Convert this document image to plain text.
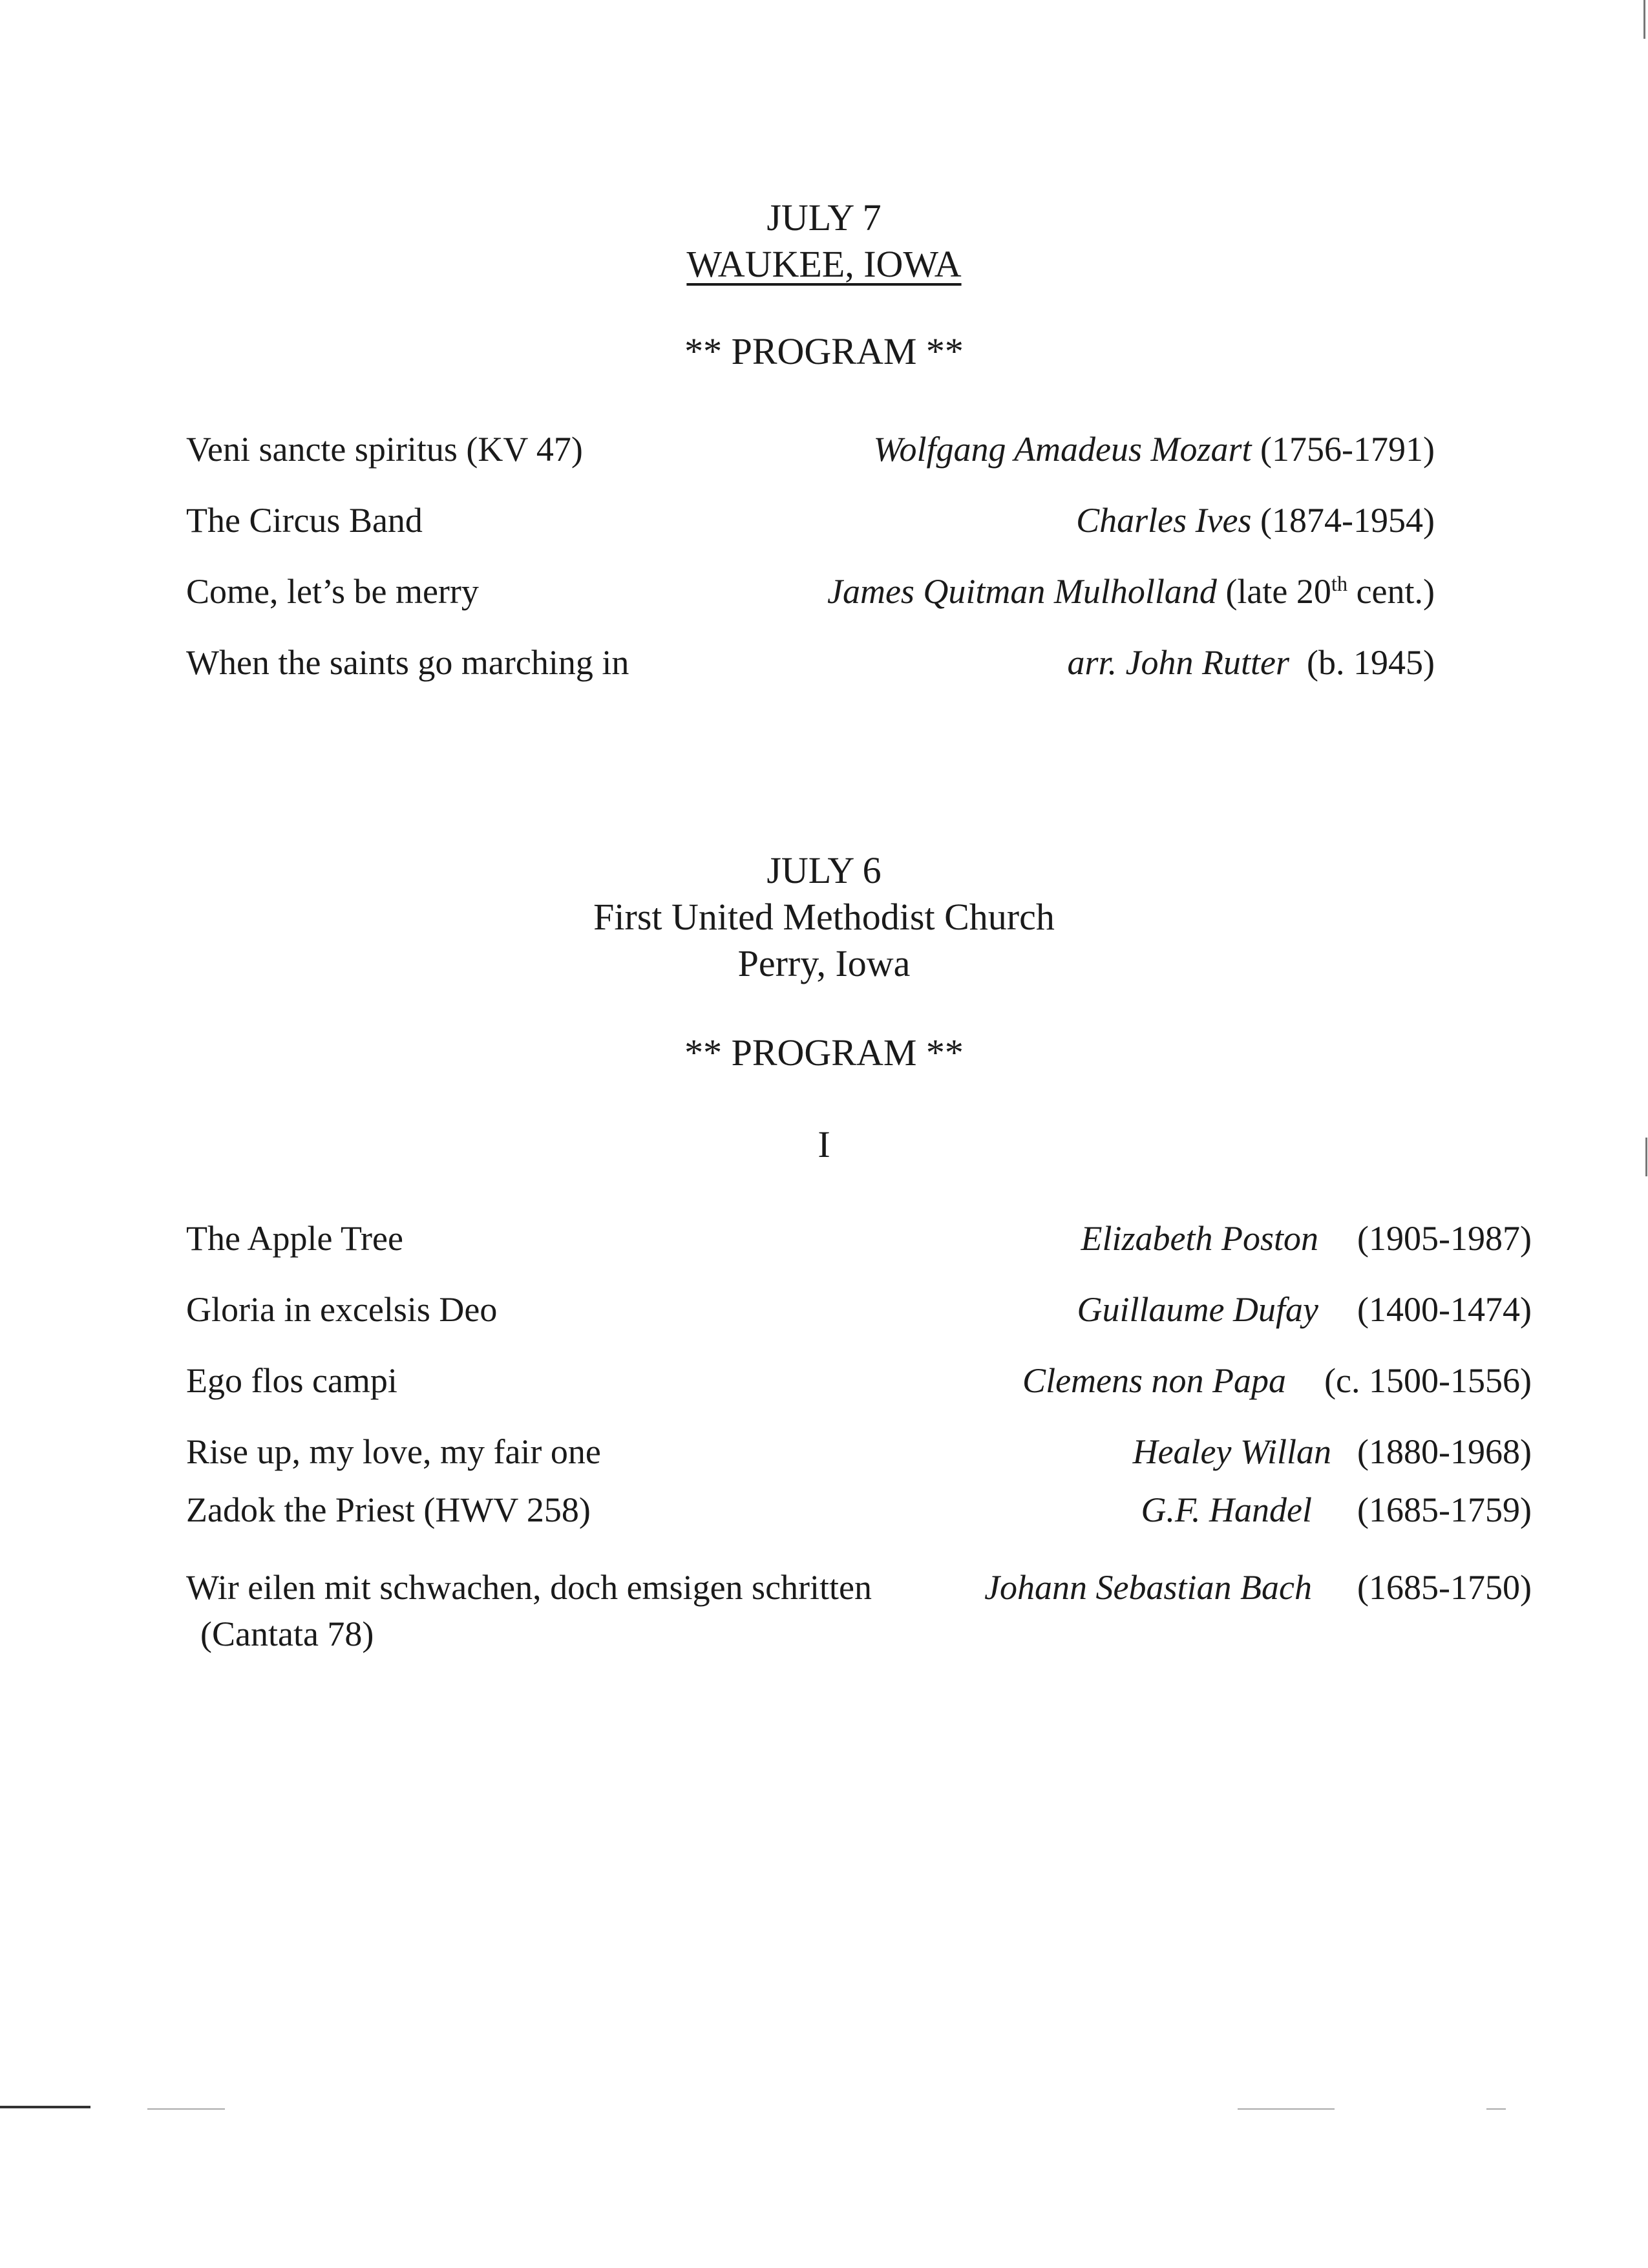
JULY 7
WAUKEE, IOWA
** PROGRAM **
Veni sancte spiritus (KV 47)	Wolfgang Amadeus Mozart (1756-1791)
The Circus Band	Charles Ives (1874-1954)
Come, let’s be merry	James Quitman Mulholland (late 20th cent.)
When the saints go marching in	arr. John Rutter (b. 1945)
JULY 6
First United Methodist Church
Perry, Iowa
** PROGRAM **
I
The Apple Tree	Elizabeth Poston (1905-1987)
Gloria in excelsis Deo	Guillaume Dufay (1400-1474)
Ego flos campi	Clemens non Papa (c. 1500-1556)
Rise up, my love, my fair one	Healey Willan (1880-1968)
Zadok the Priest (HWV 258)	G.F. Handel (1685-1759)
Wir eilen mit schwachen, doch emsigen schritten	Johann Sebastian Bach (1685-1750)
(Cantata 78)
